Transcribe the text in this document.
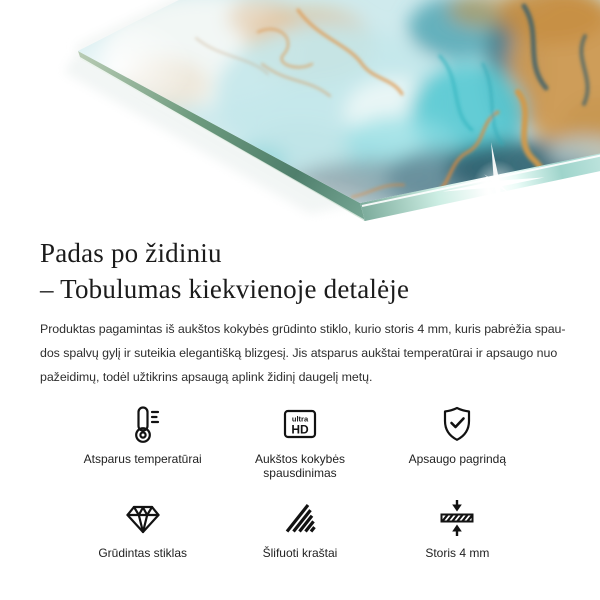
Padas po židiniu
– Tobulumas kiekvienoje detalėje
Produktas pagamintas iš aukštos kokybės grūdinto stiklo, kurio storis 4 mm, kuris pabrėžia spau-
dos spalvų gylį ir suteikia elegantišką blizgesį. Jis atsparus aukštai temperatūrai ir apsaugo nuo
pažeidimų, todėl užtikrins apsaugą aplink židinį daugelį metų.
Atsparus temperatūrai
ultra
HD
Aukštos kokybės spausdinimas
Apsaugo pagrindą
Grūdintas stiklas	Šlifuoti kraštai	Storis 4 mm
